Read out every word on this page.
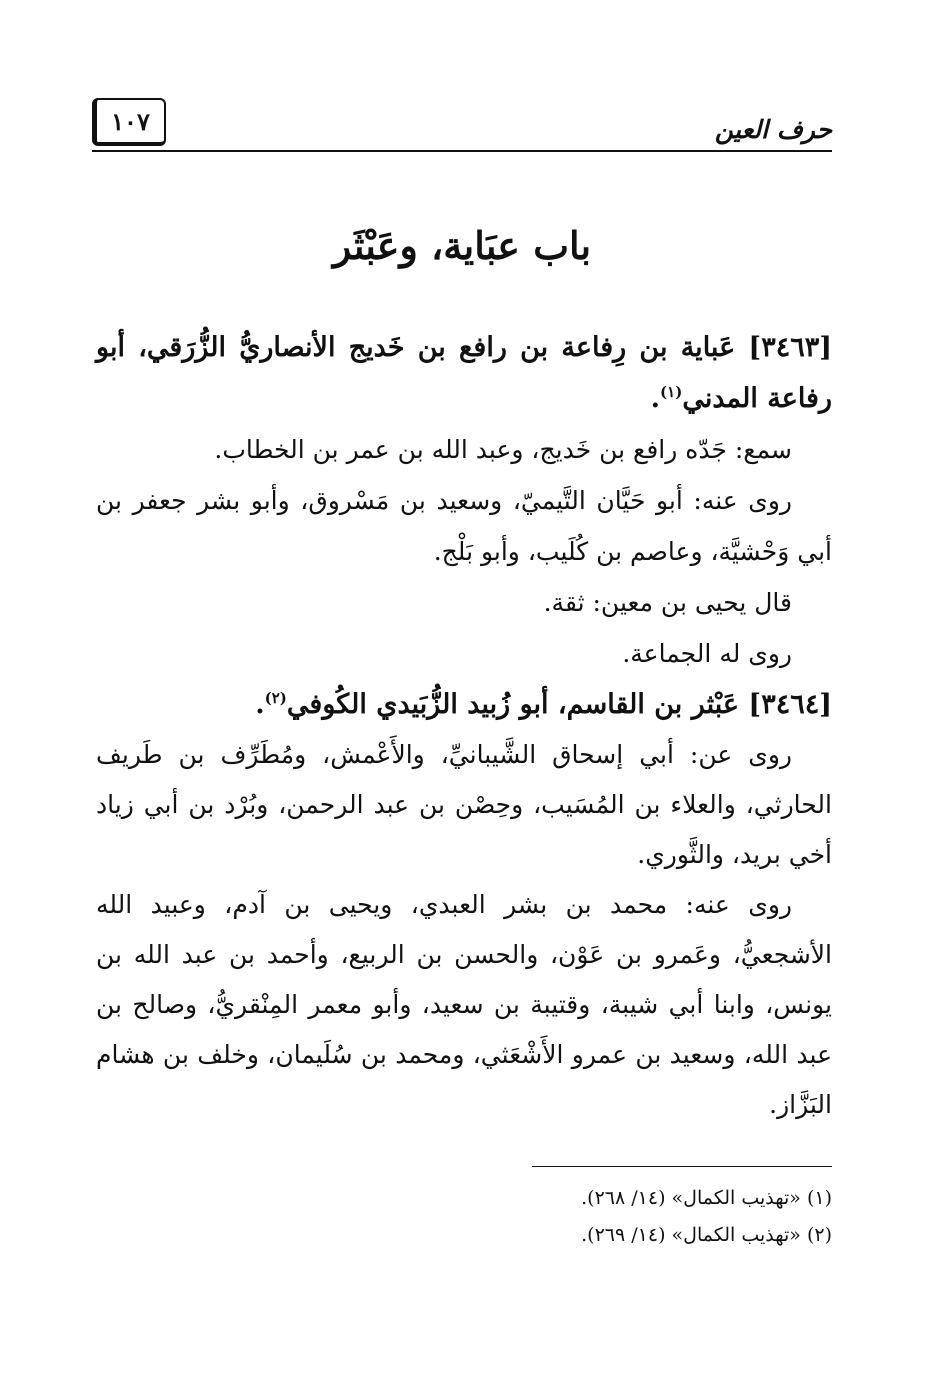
حرف العين
١٠٧
باب عبَاية، وعَبْثَر

[٣٤٦٣] عَباية بن رِفاعة بن رافع بن خَديج الأنصاريُّ الزُّرَقي، أبو رفاعة المدني$^{(١)}$.

سمع: جَدّه رافع بن خَديج، وعبد الله بن عمر بن الخطاب.

روى عنه: أبو حَيَّان التَّيميّ، وسعيد بن مَسْروق، وأبو بشر جعفر بن أبي وَحْشيَّة، وعاصم بن كُلَيب، وأبو بَلْج.

قال يحيى بن معين: ثقة.

روى له الجماعة.

[٣٤٦٤] عَبْثر بن القاسم، أبو زُبيد الزُّبَيدي الكُوفي$^{(٢)}$.

روى عن: أبي إسحاق الشَّيبانيِّ، والأَعْمش، ومُطَرِّف بن طَريف الحارثي، والعلاء بن المُسَيب، وحِصْن بن عبد الرحمن، وبُرْد بن أبي زياد أخي بريد، والثَّوري.

روى عنه: محمد بن بشر العبدي، ويحيى بن آدم، وعبيد الله الأشجعيُّ، وعَمرو بن عَوْن، والحسن بن الربيع، وأحمد بن عبد الله بن يونس، وابنا أبي شيبة، وقتيبة بن سعيد، وأبو معمر المِنْقريُّ، وصالح بن عبد الله، وسعيد بن عمرو الأَشْعَثي، ومحمد بن سُلَيمان، وخلف بن هشام البَزَّاز.

(١) «تهذيب الكمال» (١٤/ ٢٦٨).

(٢) «تهذيب الكمال» (١٤/ ٢٦٩).
